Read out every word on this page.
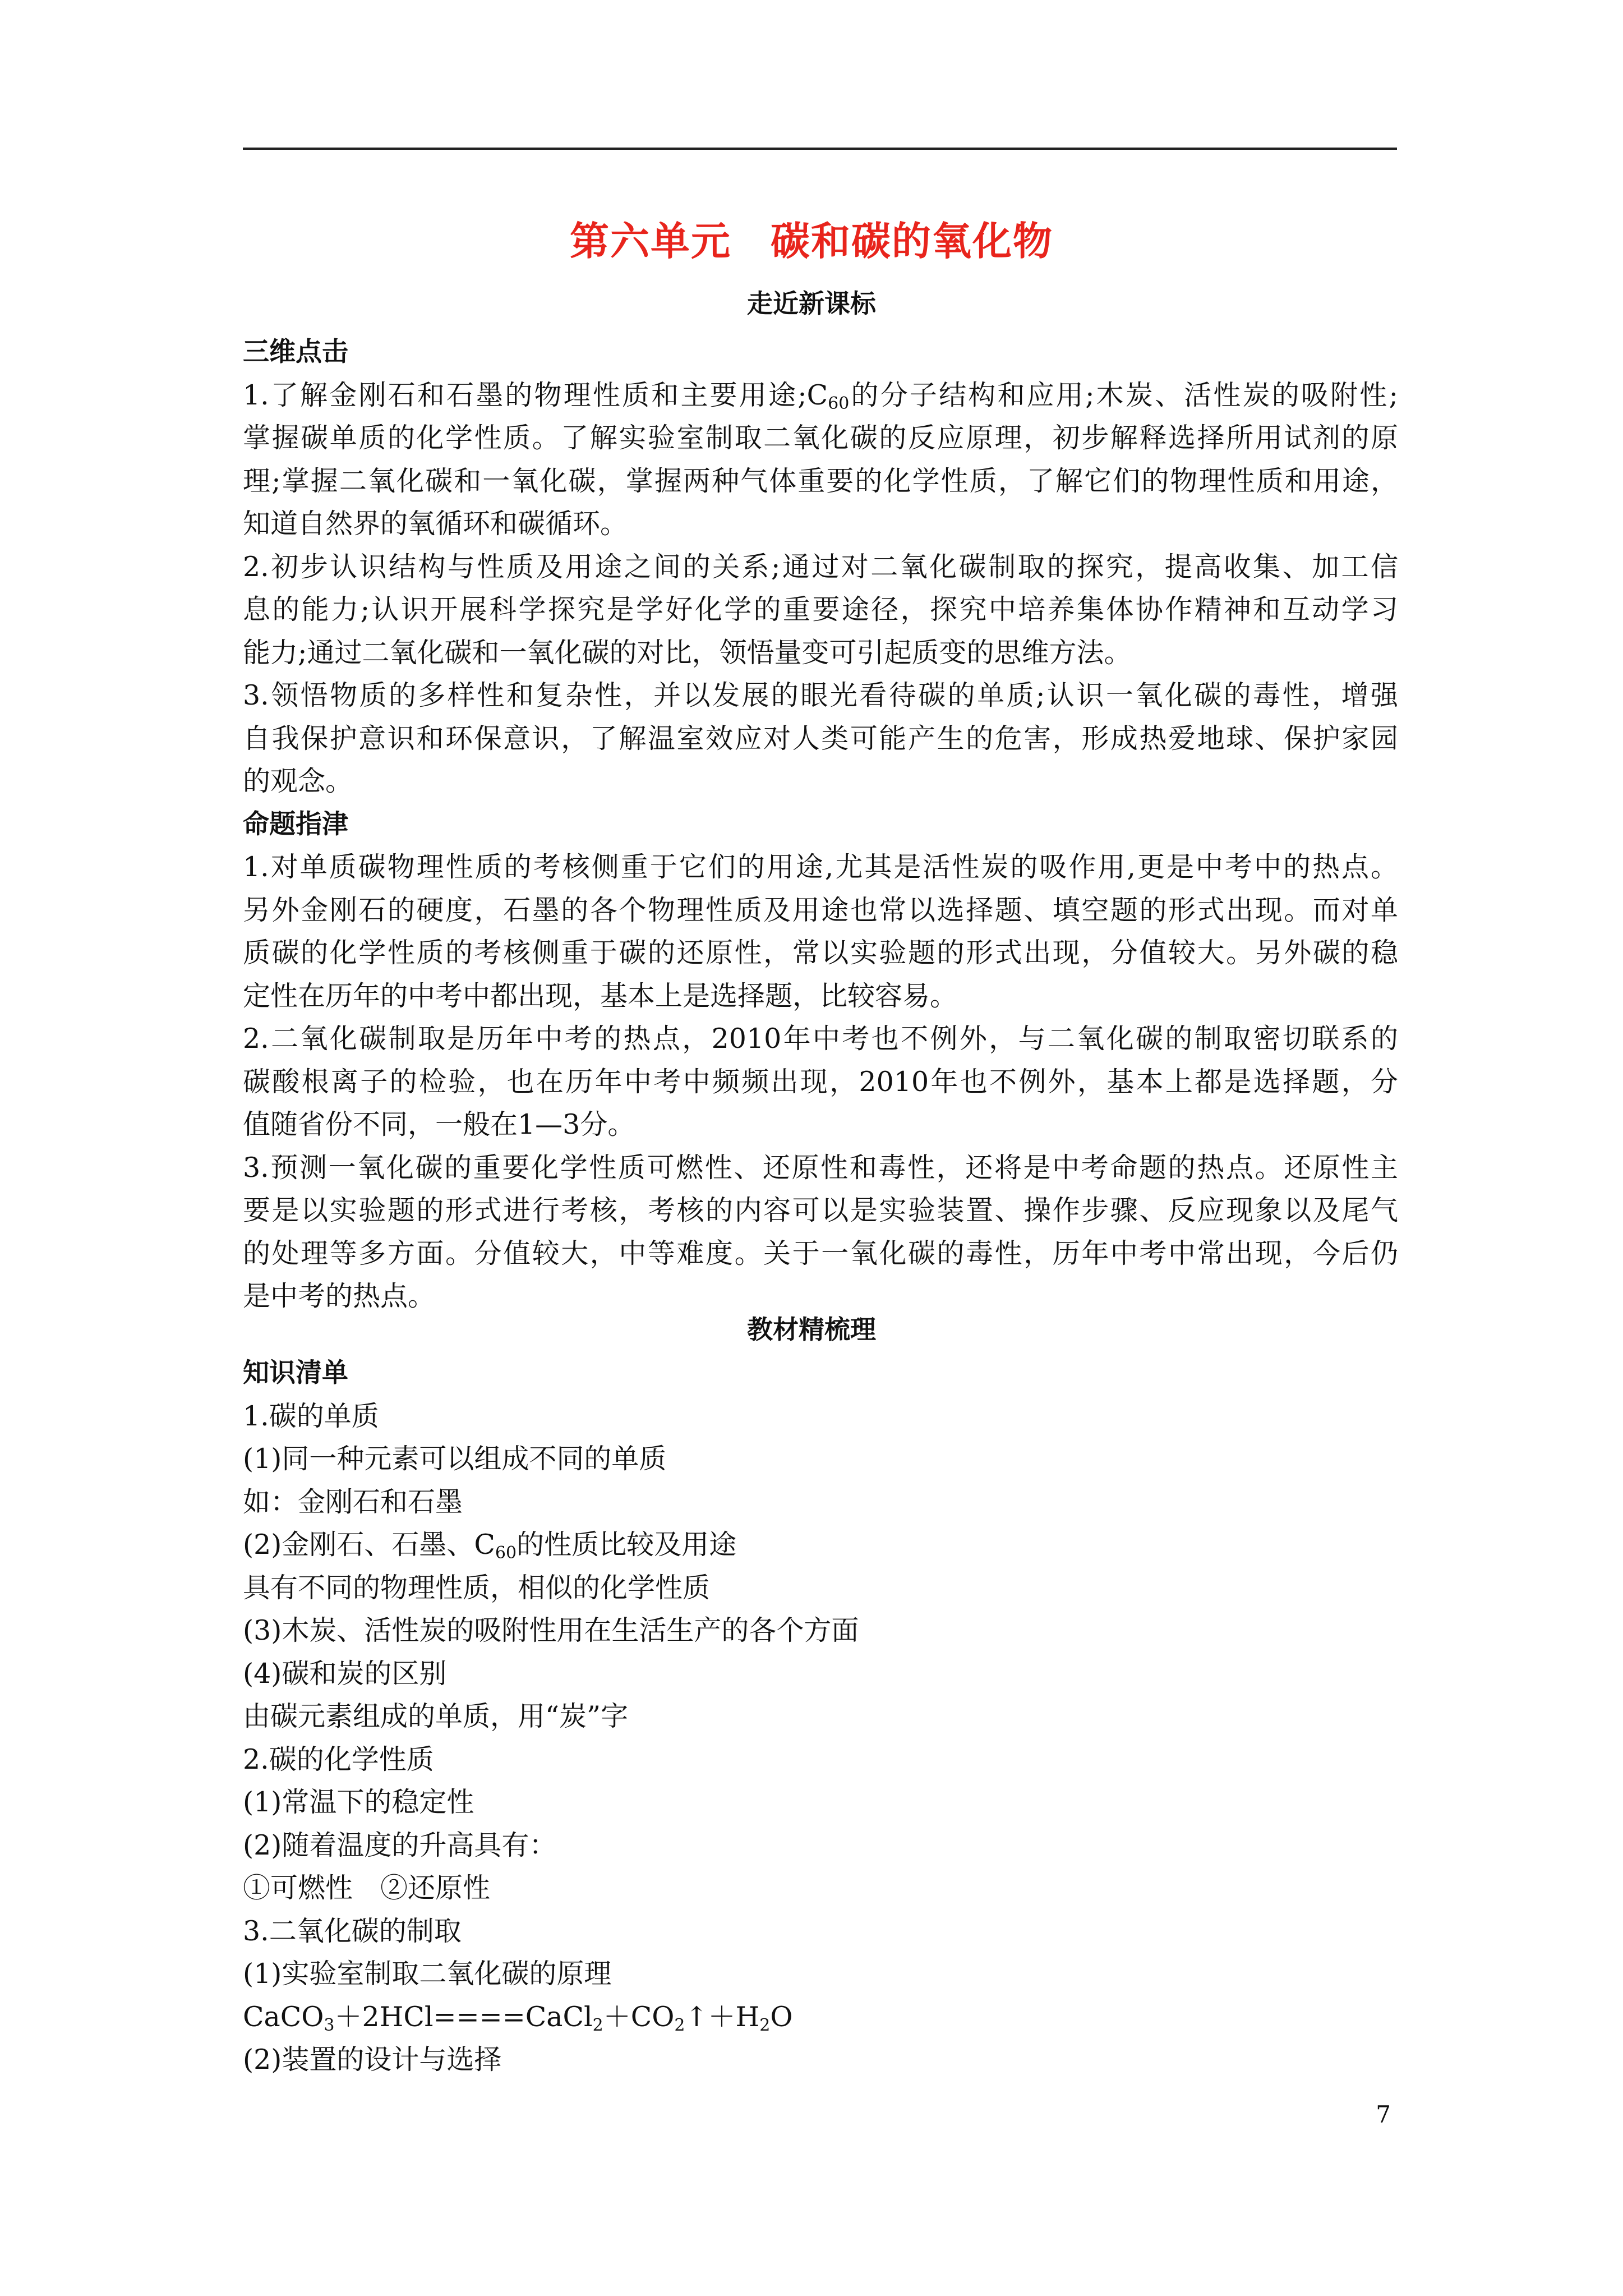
第六单元 碳和碳的氧化物
走近新课标

三维点击

1.了解金刚石和石墨的物理性质和主要用途$;C_{60}$的分子结构和应用;木炭、活性炭的吸附性;

掌握碳单质的化学性质。了解实验室制取二氧化碳的反应原理，初步解释选择所用试剂的原

理;掌握二氧化碳和一氧化碳，掌握两种气体重要的化学性质，了解它们的物理性质和用途，

知道自然界的氧循环和碳循环。

2.初步认识结构与性质及用途之间的关系;通过对二氧化碳制取的探究，提高收集、加工信

息的能力;认识开展科学探究是学好化学的重要途径，探究中培养集体协作精神和互动学习

能力;通过二氧化碳和一氧化碳的对比，领悟量变可引起质变的思维方法。

3.领悟物质的多样性和复杂性，并以发展的眼光看待碳的单质;认识一氧化碳的毒性，增强

自我保护意识和环保意识，了解温室效应对人类可能产生的危害，形成热爱地球、保护家园

的观念。

命题指津

1.对单质碳物理性质的考核侧重于它们的用途,尤其是活性炭的吸作用,更是中考中的热点。

另外金刚石的硬度，石墨的各个物理性质及用途也常以选择题、填空题的形式出现。而对单

质碳的化学性质的考核侧重于碳的还原性，常以实验题的形式出现，分值较大。另外碳的稳

定性在历年的中考中都出现，基本上是选择题，比较容易。

2.二氧化碳制取是历年中考的热点，2010年中考也不例外，与二氧化碳的制取密切联系的

碳酸根离子的检验，也在历年中考中频频出现，2010年也不例外，基本上都是选择题，分

值随省份不同，一般在1—3分。

3.预测一氧化碳的重要化学性质可燃性、还原性和毒性，还将是中考命题的热点。还原性主

要是以实验题的形式进行考核，考核的内容可以是实验装置、操作步骤、反应现象以及尾气

的处理等多方面。分值较大，中等难度。关于一氧化碳的毒性，历年中考中常出现，今后仍

是中考的热点。

教材精梳理

知识清单

1.碳的单质

(1)同一种元素可以组成不同的单质

如：金刚石和石墨

(2)金刚石、石墨、$C_{60}$的性质比较及用途

具有不同的物理性质，相似的化学性质

(3)木炭、活性炭的吸附性用在生活生产的各个方面

(4)碳和炭的区别

由碳元素组成的单质，用“炭”字

2.碳的化学性质

(1)常温下的稳定性

(2)随着温度的升高具有：

①可燃性　②还原性

3.二氧化碳的制取

(1)实验室制取二氧化碳的原理

$CaCO_3+2HCl====CaCl_2+CO_2↑+H_2O$

(2)装置的设计与选择

7
